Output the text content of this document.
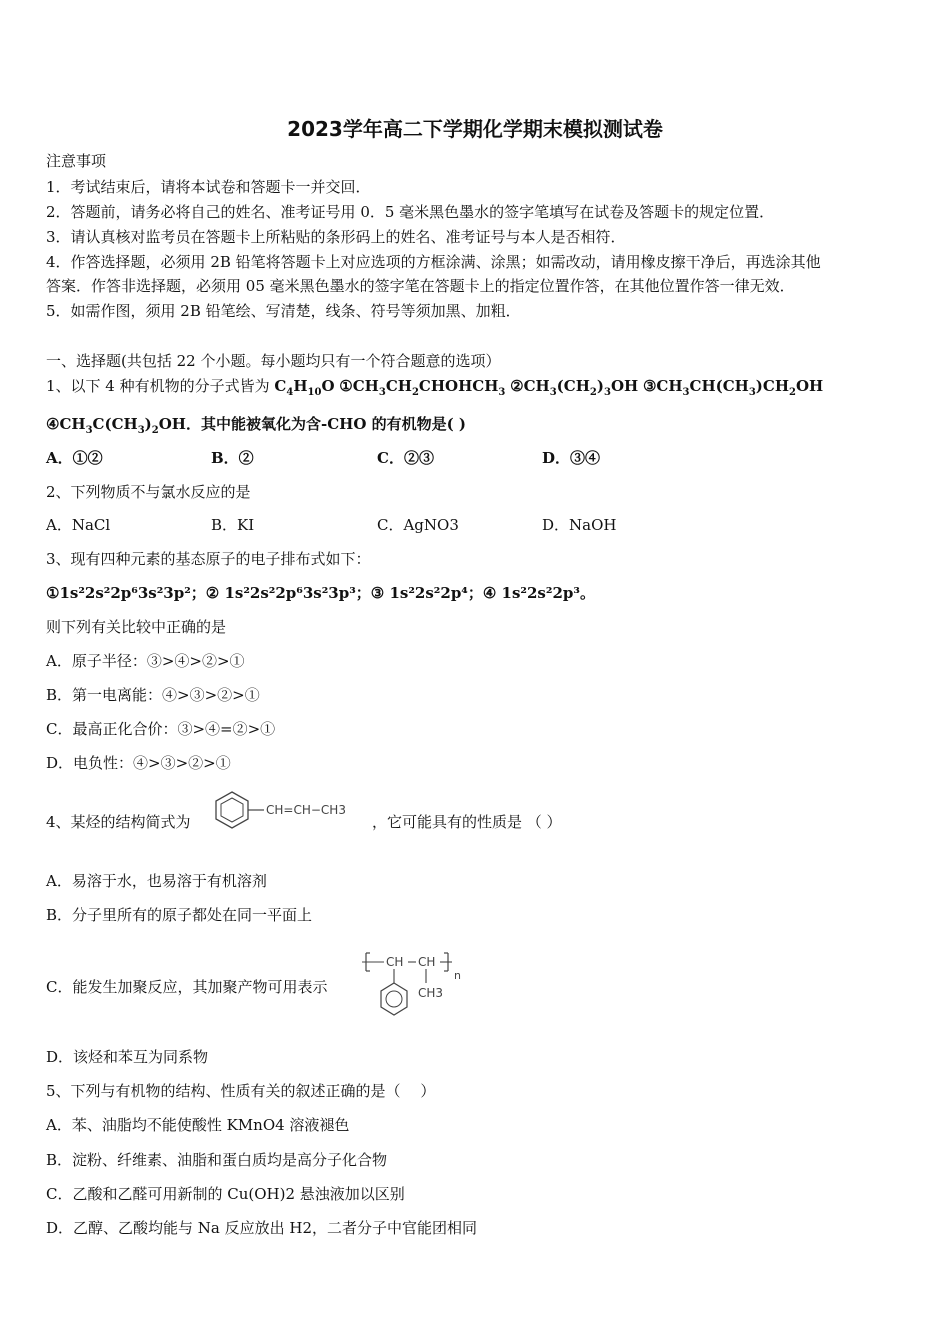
2023学年高二下学期化学期末模拟测试卷
注意事项
1．考试结束后，请将本试卷和答题卡一并交回．
2．答题前，请务必将自己的姓名、准考证号用 0．5 毫米黑色墨水的签字笔填写在试卷及答题卡的规定位置．
3．请认真核对监考员在答题卡上所粘贴的条形码上的姓名、准考证号与本人是否相符．
4．作答选择题，必须用 2B 铅笔将答题卡上对应选项的方框涂满、涂黑；如需改动，请用橡皮擦干净后，再选涂其他
答案．作答非选择题，必须用 05 毫米黑色墨水的签字笔在答题卡上的指定位置作答，在其他位置作答一律无效．
5．如需作图，须用 2B 铅笔绘、写清楚，线条、符号等须加黑、加粗．
一、选择题(共包括 22 个小题。每小题均只有一个符合题意的选项）
1、以下 4 种有机物的分子式皆为 $C_4H_{10}O$ $①CH_3CH_2CHOHCH_3$ $②CH_3(CH_2)_3OH$ $③CH_3CH(CH_3)CH_2OH$
$④CH_3C(CH_3)_2OH$．其中能被氧化为含-CHO 的有机物是( )
A．①②	B．②	C．②③	D．③④
2、下列物质不与氯水反应的是
A．NaCl	B．KI	C．AgNO3	D．NaOH
3、现有四种元素的基态原子的电子排布式如下：
①1s²2s²2p⁶3s²3p²；② 1s²2s²2p⁶3s²3p³；③ 1s²2s²2p⁴；④ 1s²2s²2p³。
则下列有关比较中正确的是
A．原子半径：③>④>②>①
B．第一电离能：④>③>②>①
C．最高正化合价：③>④=②>①
D．电负性：④>③>②>①
4、某烃的结构简式为
CH=CH−CH3
，它可能具有的性质是 （ ）
A．易溶于水，也易溶于有机溶剂
B．分子里所有的原子都处在同一平面上
C．能发生加聚反应，其加聚产物可用表示
CH CH
n
CH3
D．该烃和苯互为同系物
5、下列与有机物的结构、性质有关的叙述正确的是（　 ）
A．苯、油脂均不能使酸性 KMnO4 溶液褪色
B．淀粉、纤维素、油脂和蛋白质均是高分子化合物
C．乙酸和乙醛可用新制的 Cu(OH)2 悬浊液加以区别
D．乙醇、乙酸均能与 Na 反应放出 H2，二者分子中官能团相同
